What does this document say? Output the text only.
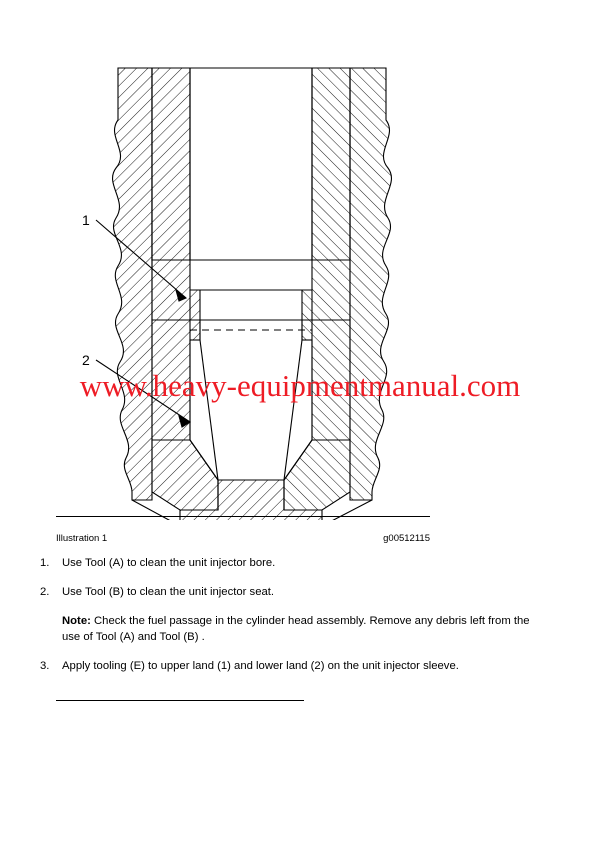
1
2
www.heavy-equipmentmanual.com
Illustration 1	g00512115
1.	Use Tool (A) to clean the unit injector bore.
2.	Use Tool (B) to clean the unit injector seat.
Note: Check the fuel passage in the cylinder head assembly. Remove any debris left from the use of Tool (A) and Tool (B) .
3.	Apply tooling (E) to upper land (1) and lower land (2) on the unit injector sleeve.
